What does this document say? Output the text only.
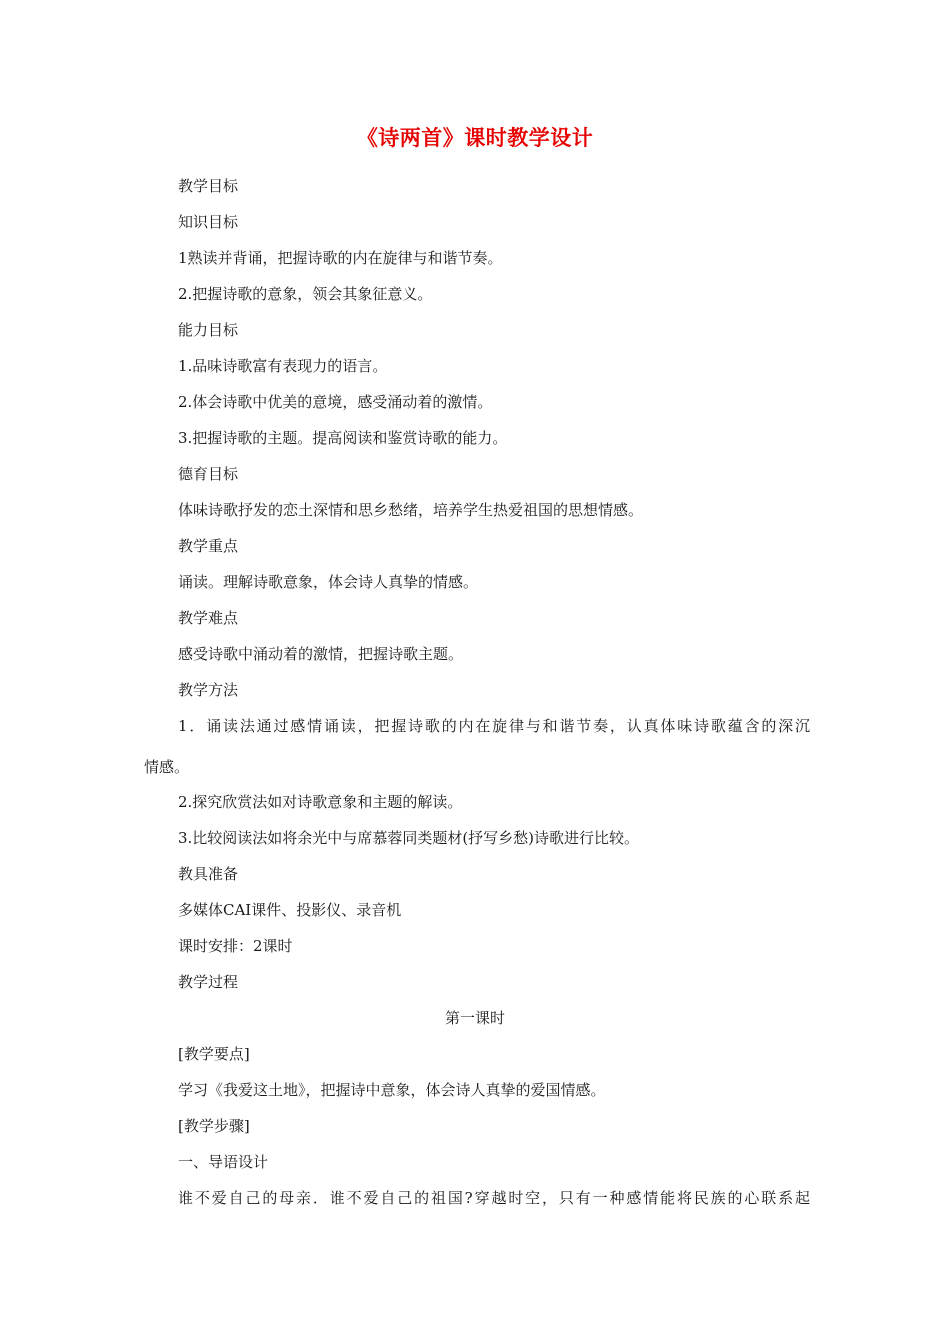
《诗两首》课时教学设计
教学目标
知识目标
1熟读并背诵，把握诗歌的内在旋律与和谐节奏。
2.把握诗歌的意象，领会其象征意义。
能力目标
1.品味诗歌富有表现力的语言。
2.体会诗歌中优美的意境，感受涌动着的激情。
3.把握诗歌的主题。提高阅读和鉴赏诗歌的能力。
德育目标
体味诗歌抒发的恋土深情和思乡愁绪，培养学生热爱祖国的思想情感。
教学重点
诵读。理解诗歌意象，体会诗人真挚的情感。
教学难点
感受诗歌中涌动着的激情，把握诗歌主题。
教学方法
1．诵读法通过感情诵读，把握诗歌的内在旋律与和谐节奏，认真体味诗歌蕴含的深沉
情感。
2.探究欣赏法如对诗歌意象和主题的解读。
3.比较阅读法如将余光中与席慕蓉同类题材(抒写乡愁)诗歌进行比较。
教具准备
多媒体CAI课件、投影仪、录音机
课时安排：2课时
教学过程
第一课时
[教学要点]
学习《我爱这土地》，把握诗中意象，体会诗人真挚的爱国情感。
[教学步骤]
一、导语设计
谁不爱自己的母亲．谁不爱自己的祖国?穿越时空，只有一种感情能将民族的心联系起
